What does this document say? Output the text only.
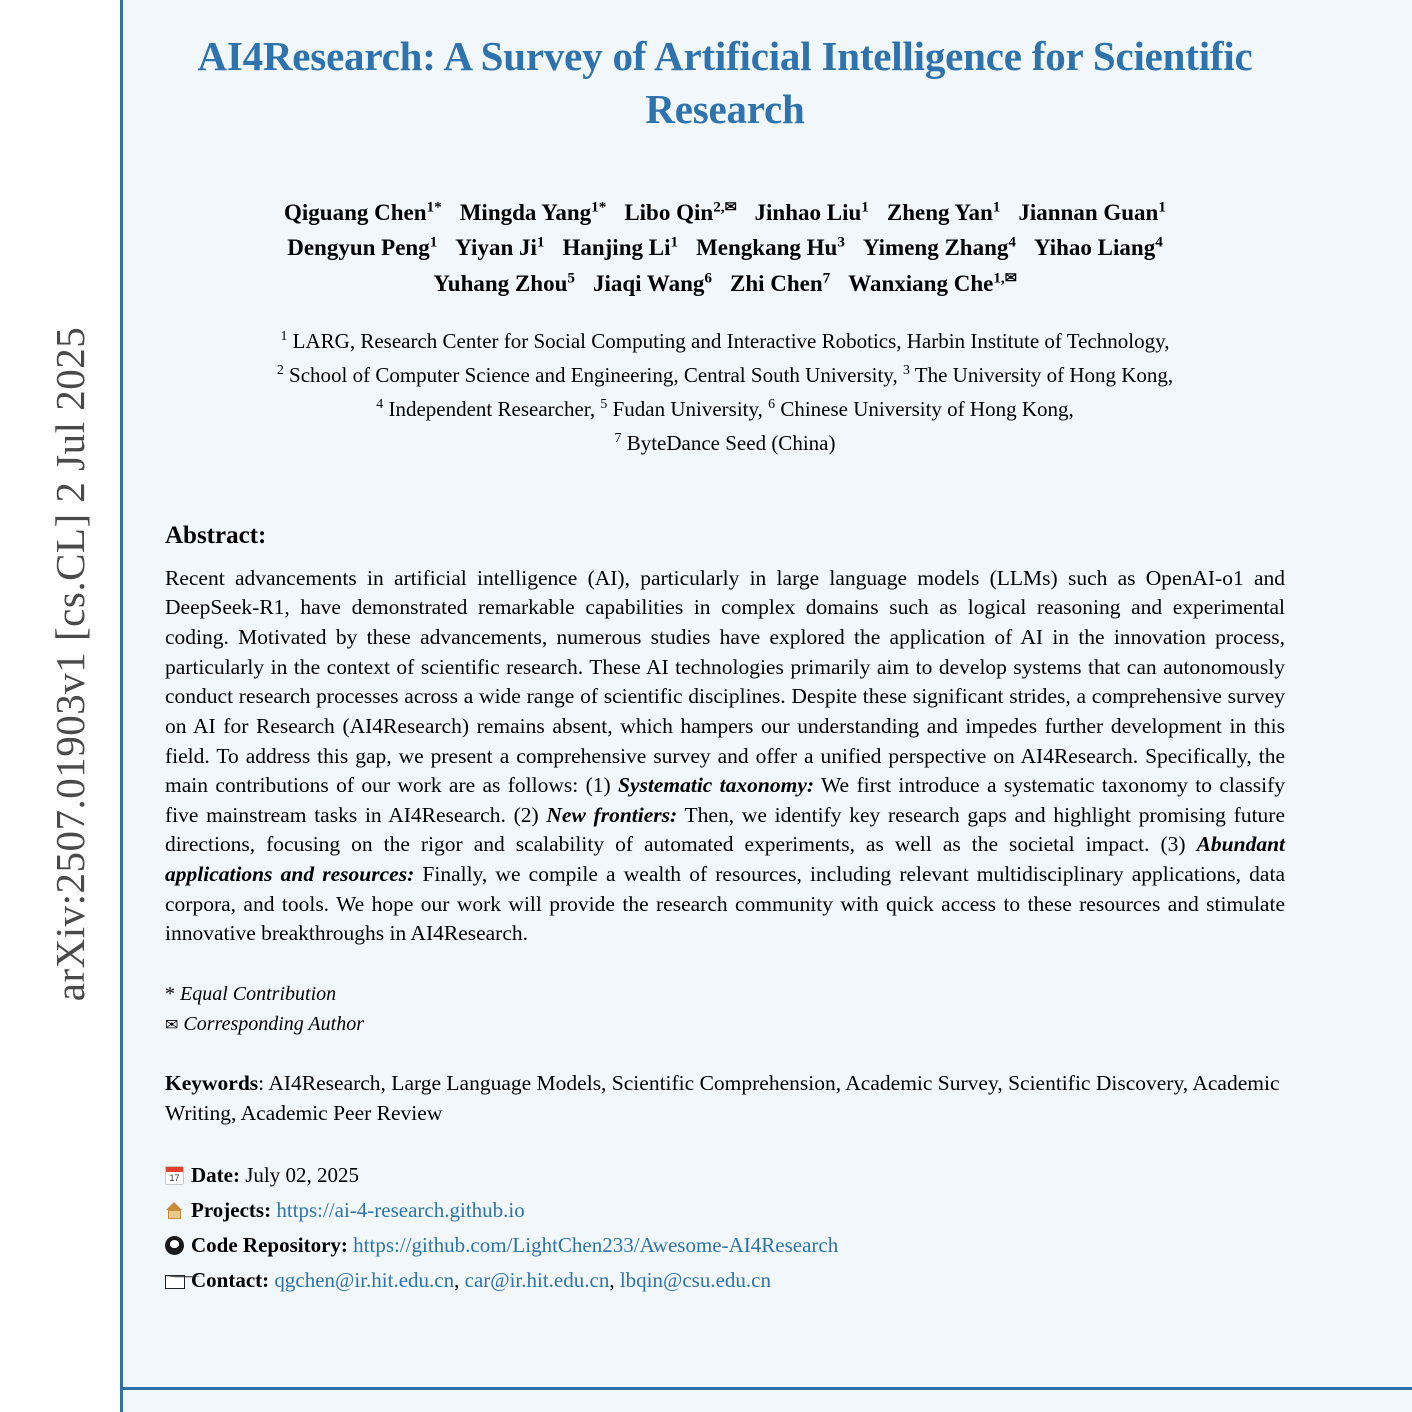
arXiv:2507.01903v1 [cs.CL] 2 Jul 2025
AI4Research: A Survey of Artificial Intelligence for Scientific Research
Qiguang Chen$^{1*}$ Mingda Yang$^{1*}$ Libo Qin$^{2,✉}$ Jinhao Liu$^1$ Zheng Yan$^1$ Jiannan Guan$^1$
Dengyun Peng$^1$ Yiyan Ji$^1$ Hanjing Li$^1$ Mengkang Hu$^3$ Yimeng Zhang$^4$ Yihao Liang$^4$
Yuhang Zhou$^5$ Jiaqi Wang$^6$ Zhi Chen$^7$ Wanxiang Che$^{1,✉}$
$^1$ LARG, Research Center for Social Computing and Interactive Robotics, Harbin Institute of Technology,
$^2$ School of Computer Science and Engineering, Central South University, $^3$ The University of Hong Kong,
$^4$ Independent Researcher, $^5$ Fudan University, $^6$ Chinese University of Hong Kong,
$^7$ ByteDance Seed (China)
Abstract:
Recent advancements in artificial intelligence (AI), particularly in large language models (LLMs) such as OpenAI-o1 and DeepSeek-R1, have demonstrated remarkable capabilities in complex domains such as logical reasoning and experimental coding. Motivated by these advancements, numerous studies have explored the application of AI in the innovation process, particularly in the context of scientific research. These AI technologies primarily aim to develop systems that can autonomously conduct research processes across a wide range of scientific disciplines. Despite these significant strides, a comprehensive survey on AI for Research (AI4Research) remains absent, which hampers our understanding and impedes further development in this field. To address this gap, we present a comprehensive survey and offer a unified perspective on AI4Research. Specifically, the main contributions of our work are as follows: (1) Systematic taxonomy: We first introduce a systematic taxonomy to classify five mainstream tasks in AI4Research. (2) New frontiers: Then, we identify key research gaps and highlight promising future directions, focusing on the rigor and scalability of automated experiments, as well as the societal impact. (3) Abundant applications and resources: Finally, we compile a wealth of resources, including relevant multidisciplinary applications, data corpora, and tools. We hope our work will provide the research community with quick access to these resources and stimulate innovative breakthroughs in AI4Research.
* Equal Contribution
✉ Corresponding Author
Keywords: AI4Research, Large Language Models, Scientific Comprehension, Academic Survey, Scientific Discovery, Academic Writing, Academic Peer Review
17Date: July 02, 2025
Projects: https://ai-4-research.github.io
Code Repository: https://github.com/LightChen233/Awesome-AI4Research
Contact: qgchen@ir.hit.edu.cn, car@ir.hit.edu.cn, lbqin@csu.edu.cn
